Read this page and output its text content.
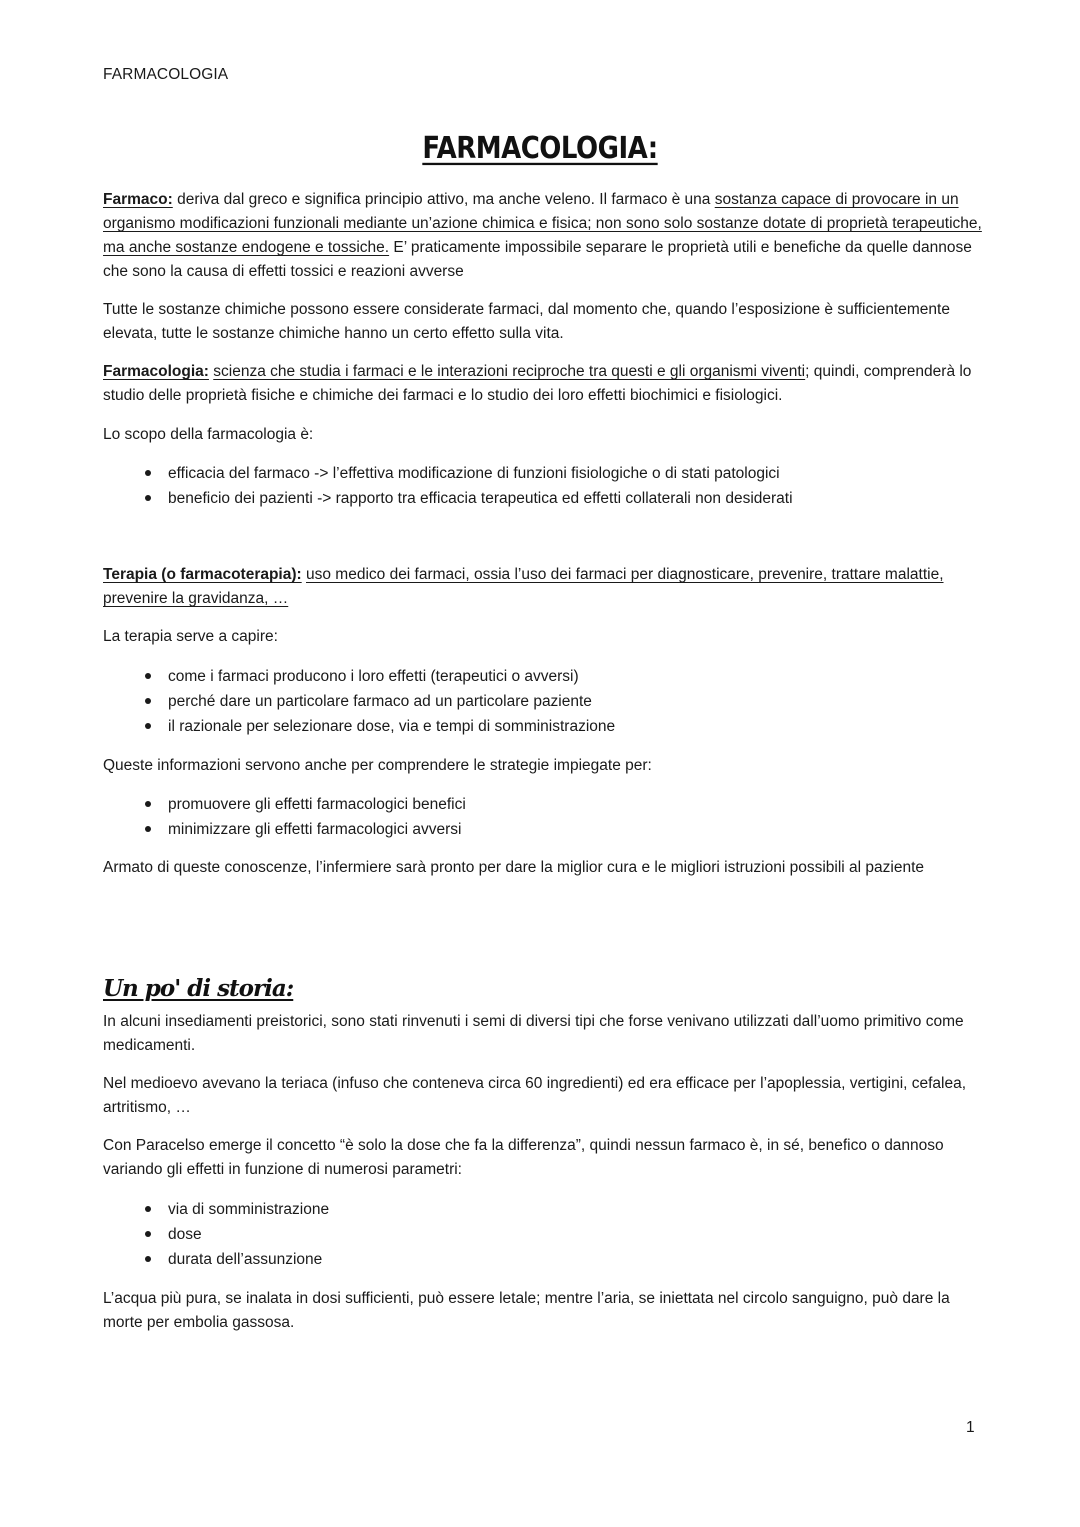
FARMACOLOGIA
FARMACOLOGIA:

Farmaco: deriva dal greco e significa principio attivo, ma anche veleno. Il farmaco è una sostanza capace di provocare in un organismo modificazioni funzionali mediante un’azione chimica e fisica; non sono solo sostanze dotate di proprietà terapeutiche, ma anche sostanze endogene e tossiche. E’ praticamente impossibile separare le proprietà utili e benefiche da quelle dannose che sono la causa di effetti tossici e reazioni avverse

Tutte le sostanze chimiche possono essere considerate farmaci, dal momento che, quando l’esposizione è sufficientemente elevata, tutte le sostanze chimiche hanno un certo effetto sulla vita.

Farmacologia: scienza che studia i farmaci e le interazioni reciproche tra questi e gli organismi viventi; quindi, comprenderà lo studio delle proprietà fisiche e chimiche dei farmaci e lo studio dei loro effetti biochimici e fisiologici.

Lo scopo della farmacologia è:

efficacia del farmaco -> l’effettiva modificazione di funzioni fisiologiche o di stati patologici
beneficio dei pazienti -> rapporto tra efficacia terapeutica ed effetti collaterali non desiderati

Terapia (o farmacoterapia): uso medico dei farmaci, ossia l’uso dei farmaci per diagnosticare, prevenire, trattare malattie, prevenire la gravidanza, …

La terapia serve a capire:

come i farmaci producono i loro effetti (terapeutici o avversi)
perché dare un particolare farmaco ad un particolare paziente
il razionale per selezionare dose, via e tempi di somministrazione

Queste informazioni servono anche per comprendere le strategie impiegate per:

promuovere gli effetti farmacologici benefici
minimizzare gli effetti farmacologici avversi

Armato di queste conoscenze, l’infermiere sarà pronto per dare la miglior cura e le migliori istruzioni possibili al paziente

Un po' di storia:

In alcuni insediamenti preistorici, sono stati rinvenuti i semi di diversi tipi che forse venivano utilizzati dall’uomo primitivo come medicamenti.

Nel medioevo avevano la teriaca (infuso che conteneva circa 60 ingredienti) ed era efficace per l’apoplessia, vertigini, cefalea, artritismo, …

Con Paracelso emerge il concetto “è solo la dose che fa la differenza”, quindi nessun farmaco è, in sé, benefico o dannoso variando gli effetti in funzione di numerosi parametri:

via di somministrazione
dose
durata dell’assunzione

L’acqua più pura, se inalata in dosi sufficienti, può essere letale; mentre l’aria, se iniettata nel circolo sanguigno, può dare la morte per embolia gassosa.

1
